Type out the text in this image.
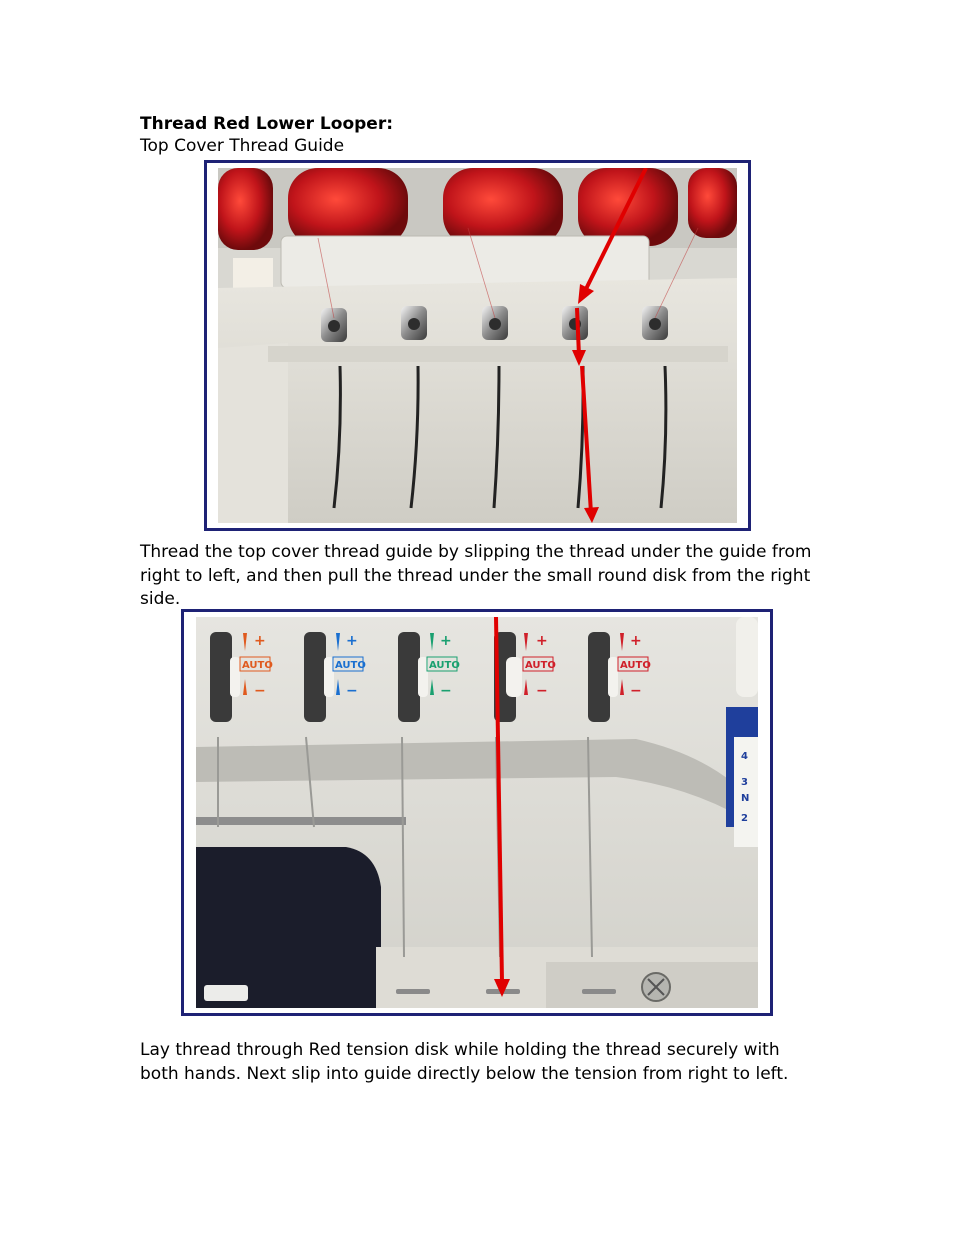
Thread Red Lower Looper:
Top Cover Thread Guide
Thread the top cover thread guide by slipping the thread under the guide from right to left, and then pull the thread under the small round disk from the right side.
+
AUTO
−
+
AUTO
−
+
AUTO
−
+
AUTO
−
+
AUTO
−
4
3
N
2
Lay thread through Red tension disk while holding the thread securely with both hands. Next slip into guide directly below the tension from right to left.
